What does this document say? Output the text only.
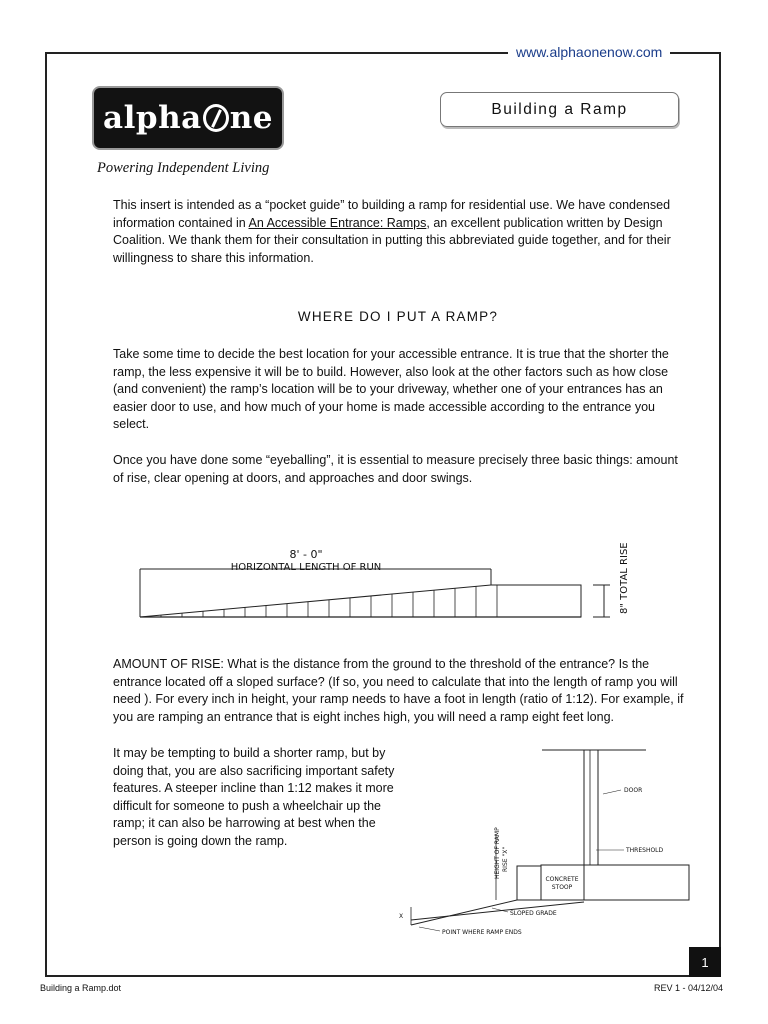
www.alphaonenow.com
alpha ne
Powering Independent Living
Building a Ramp

This insert is intended as a “pocket guide” to building a ramp for residential use. We have condensed information contained in An Accessible Entrance: Ramps, an excellent publication written by Design Coalition. We thank them for their consultation in putting this abbreviated guide together, and for their willingness to share this information.

WHERE DO I PUT A RAMP?

Take some time to decide the best location for your accessible entrance. It is true that the shorter the ramp, the less expensive it will be to build. However, also look at the other factors such as how close (and convenient) the ramp’s location will be to your driveway, whether one of your entrances has an easier door to use, and how much of your home is made accessible according to the entrance you select.

Once you have done some “eyeballing”, it is essential to measure precisely three basic things: amount of rise, clear opening at doors, and approaches and door swings.

8' - 0"
HORIZONTAL LENGTH OF RUN	8" TOTAL RISE

AMOUNT OF RISE: What is the distance from the ground to the threshold of the entrance? Is the entrance located off a sloped surface? (If so, you need to calculate that into the length of ramp you will need ). For every inch in height, your ramp needs to have a foot in length (ratio of 1:12). For example, if you are ramping an entrance that is eight inches high, you will need a ramp eight feet long.

It may be tempting to build a shorter ramp, but by doing that, you are also sacrificing important safety features. A steeper incline than 1:12 makes it more difficult for someone to push a wheelchair up the ramp; it can also be harrowing at best when the person is going down the ramp.

DOOR
THRESHOLD
HEIGHT OF RAMP RISE "X"
CONCRETE
STOOP
SLOPED GRADE
POINT WHERE RAMP ENDS
X
1
Building a Ramp.dot	REV 1 - 04/12/04
